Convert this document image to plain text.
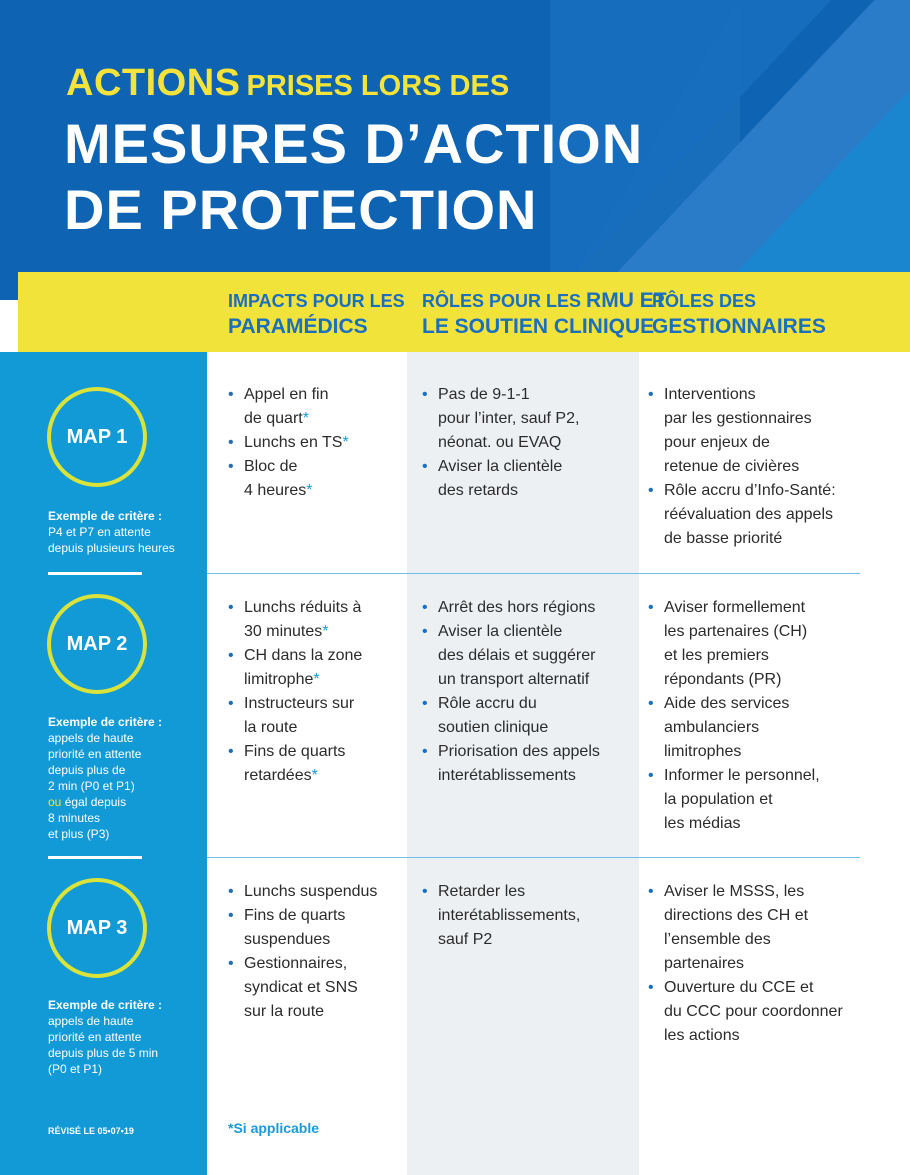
ACTIONS PRISES LORS DES
MESURES D’ACTION
DE PROTECTION
IMPACTS POUR LES
PARAMÉDICS
RÔLES POUR LES RMU ET
LE SOUTIEN CLINIQUE
RÔLES DES
GESTIONNAIRES
MAP 1
Exemple de critère :
P4 et P7 en attente
depuis plusieurs heures
• Appel en fin
de quart*
• Lunchs en TS*
• Bloc de
4 heures*
• Pas de 9-1-1
pour l’inter, sauf P2,
néonat. ou EVAQ
• Aviser la clientèle
des retards
• Interventions
par les gestionnaires
pour enjeux de
retenue de civières
• Rôle accru d’Info-Santé:
réévaluation des appels
de basse priorité
MAP 2
Exemple de critère :
appels de haute
priorité en attente
depuis plus de
2 min (P0 et P1)
ou égal depuis
8 minutes
et plus (P3)
• Lunchs réduits à
30 minutes*
• CH dans la zone
limitrophe*
• Instructeurs sur
la route
• Fins de quarts
retardées*
• Arrêt des hors régions
• Aviser la clientèle
des délais et suggérer
un transport alternatif
• Rôle accru du
soutien clinique
• Priorisation des appels
interétablissements
• Aviser formellement
les partenaires (CH)
et les premiers
répondants (PR)
• Aide des services
ambulanciers
limitrophes
• Informer le personnel,
la population et
les médias
MAP 3
Exemple de critère :
appels de haute
priorité en attente
depuis plus de 5 min
(P0 et P1)
• Lunchs suspendus
• Fins de quarts
suspendues
• Gestionnaires,
syndicat et SNS
sur la route
• Retarder les
interétablissements,
sauf P2
• Aviser le MSSS, les
directions des CH et
l’ensemble des
partenaires
• Ouverture du CCE et
du CCC pour coordonner
les actions
RÉVISÉ LE 05•07•19	*Si applicable
